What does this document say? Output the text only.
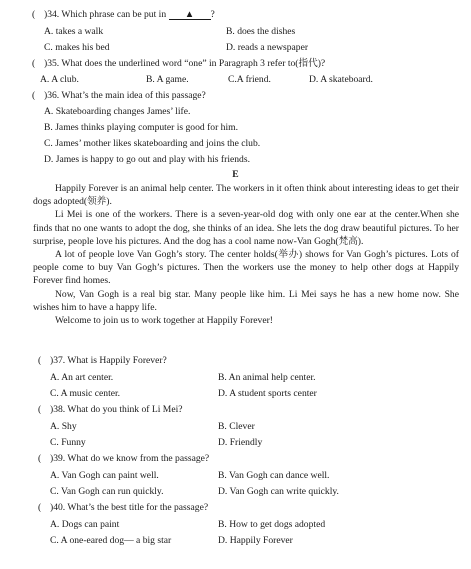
( )34. Which phrase can be put in ▲ ?
A. takes a walk	B. does the dishes
C. makes his bed	D. reads a newspaper
( )35. What does the underlined word “one” in Paragraph 3 refer to(指代)?
A. A club.	B. A game.	C.A friend.	D. A skateboard.
( )36. What’s the main idea of this passage?
A. Skateboarding changes James’ life.
B. James thinks playing computer is good for him.
C. James’ mother likes skateboarding and joins the club.
D. James is happy to go out and play with his friends.
E

Happily Forever is an animal help center. The workers in it often think about interesting ideas to get their dogs adopted(领养).

Li Mei is one of the workers. There is a seven-year-old dog with only one ear at the center.When she finds that no one wants to adopt the dog, she thinks of an idea. She lets the dog draw beautiful pictures. To her surprise, people love his pictures. And the dog has a cool name now-Van Gogh(梵高).

A lot of people love Van Gogh’s story. The center holds(举办) shows for Van Gogh’s pictures. Lots of people come to buy Van Gogh’s pictures. Then the workers use the money to help other dogs at Happily Forever find homes.

Now, Van Gogh is a real big star. Many people like him. Li Mei says he has a new home now. She wishes him to have a happy life.

Welcome to join us to work together at Happily Forever!

( )37. What is Happily Forever?
A. An art center.	B. An animal help center.
C. A music center.	D. A student sports center
( )38. What do you think of Li Mei?
A. Shy	B. Clever
C. Funny	D. Friendly
( )39. What do we know from the passage?
A. Van Gogh can paint well.	B. Van Gogh can dance well.
C. Van Gogh can run quickly.	D. Van Gogh can write quickly.
( )40. What’s the best title for the passage?
A. Dogs can paint	B. How to get dogs adopted
C. A one-eared dog— a big star	D. Happily Forever
